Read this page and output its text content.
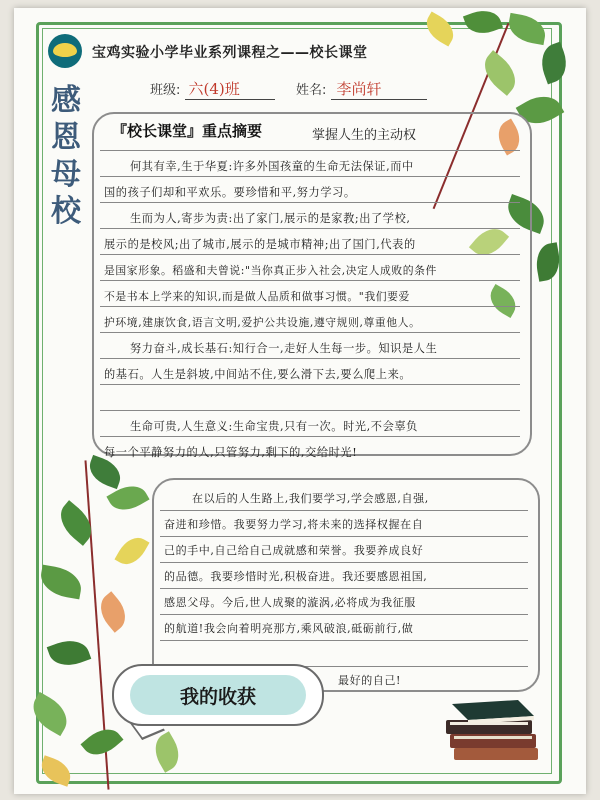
宝鸡实验小学毕业系列课程之——校长课堂
班级: 六(4)班	姓名: 李尚轩
感
恩
母
校
『校长课堂』重点摘要	掌握人生的主动权
何其有幸,生于华夏:许多外国孩童的生命无法保证,而中
国的孩子们却和平欢乐。要珍惜和平,努力学习。
生而为人,寄步为责:出了家门,展示的是家教;出了学校,
展示的是校风;出了城市,展示的是城市精神;出了国门,代表的
是国家形象。稻盛和夫曾说:"当你真正步入社会,决定人成败的条件
不是书本上学来的知识,而是做人品质和做事习惯。"我们要爱
护环境,建康饮食,语言文明,爱护公共设施,遵守规则,尊重他人。
努力奋斗,成长基石:知行合一,走好人生每一步。知识是人生
的基石。人生是斜坡,中间站不住,要么滑下去,要么爬上来。
生命可贵,人生意义:生命宝贵,只有一次。时光,不会辜负
每一个平静努力的人,只管努力,剩下的,交给时光!
在以后的人生路上,我们要学习,学会感恩,自强,
奋进和珍惜。我要努力学习,将未来的选择权握在自
己的手中,自己给自己成就感和荣誉。我要养成良好
的品德。我要珍惜时光,积极奋进。我还要感恩祖国,
感恩父母。今后,世人成聚的漩涡,必将成为我征服
的航道!我会向着明亮那方,乘风破浪,砥砺前行,做
最好的自己!
我的收获
